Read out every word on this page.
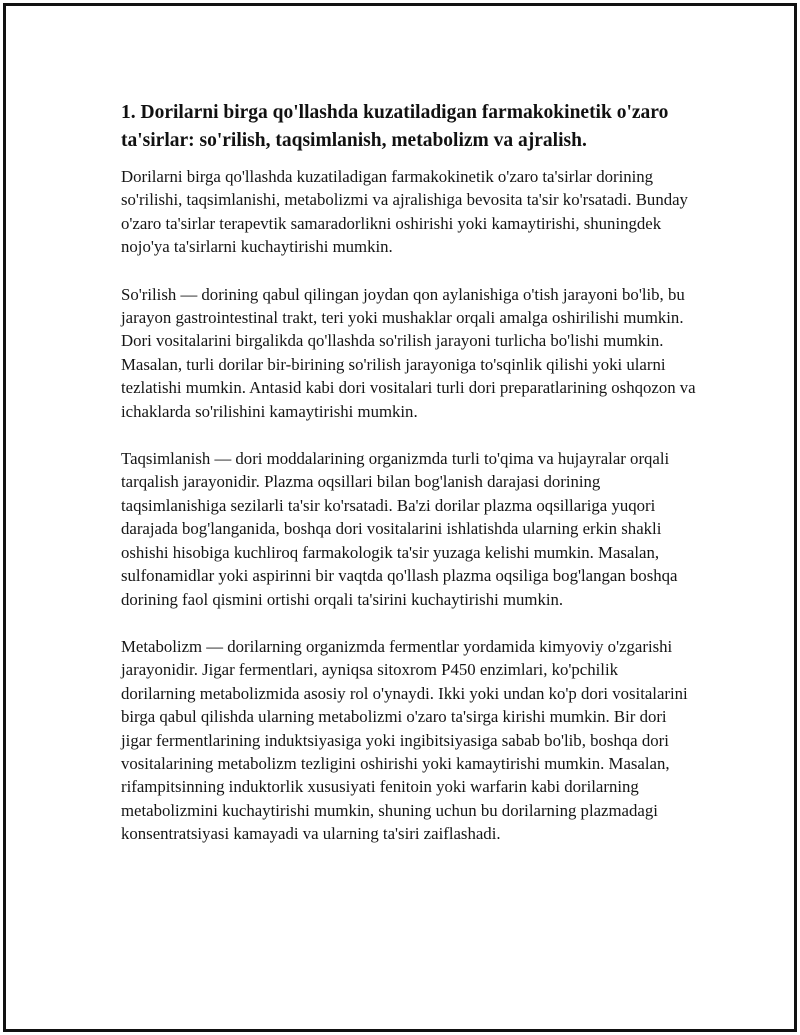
1. Dorilarni birga qo'llashda kuzatiladigan farmakokinetik o'zaro ta'sirlar: so'rilish, taqsimlanish, metabolizm va ajralish.

Dorilarni birga qo'llashda kuzatiladigan farmakokinetik o'zaro ta'sirlar dorining so'rilishi, taqsimlanishi, metabolizmi va ajralishiga bevosita ta'sir ko'rsatadi. Bunday o'zaro ta'sirlar terapevtik samaradorlikni oshirishi yoki kamaytirishi, shuningdek nojo'ya ta'sirlarni kuchaytirishi mumkin.

So'rilish — dorining qabul qilingan joydan qon aylanishiga o'tish jarayoni bo'lib, bu jarayon gastrointestinal trakt, teri yoki mushaklar orqali amalga oshirilishi mumkin. Dori vositalarini birgalikda qo'llashda so'rilish jarayoni turlicha bo'lishi mumkin. Masalan, turli dorilar bir-birining so'rilish jarayoniga to'sqinlik qilishi yoki ularni tezlatishi mumkin. Antasid kabi dori vositalari turli dori preparatlarining oshqozon va ichaklarda so'rilishini kamaytirishi mumkin.

Taqsimlanish — dori moddalarining organizmda turli to'qima va hujayralar orqali tarqalish jarayonidir. Plazma oqsillari bilan bog'lanish darajasi dorining taqsimlanishiga sezilarli ta'sir ko'rsatadi. Ba'zi dorilar plazma oqsillariga yuqori darajada bog'langanida, boshqa dori vositalarini ishlatishda ularning erkin shakli oshishi hisobiga kuchliroq farmakologik ta'sir yuzaga kelishi mumkin. Masalan, sulfonamidlar yoki aspirinni bir vaqtda qo'llash plazma oqsiliga bog'langan boshqa dorining faol qismini ortishi orqali ta'sirini kuchaytirishi mumkin.

Metabolizm — dorilarning organizmda fermentlar yordamida kimyoviy o'zgarishi jarayonidir. Jigar fermentlari, ayniqsa sitoxrom P450 enzimlari, ko'pchilik dorilarning metabolizmida asosiy rol o'ynaydi. Ikki yoki undan ko'p dori vositalarini birga qabul qilishda ularning metabolizmi o'zaro ta'sirga kirishi mumkin. Bir dori jigar fermentlarining induktsiyasiga yoki ingibitsiyasiga sabab bo'lib, boshqa dori vositalarining metabolizm tezligini oshirishi yoki kamaytirishi mumkin. Masalan, rifampitsinning induktorlik xususiyati fenitoin yoki warfarin kabi dorilarning metabolizmini kuchaytirishi mumkin, shuning uchun bu dorilarning plazmadagi konsentratsiyasi kamayadi va ularning ta'siri zaiflashadi.
